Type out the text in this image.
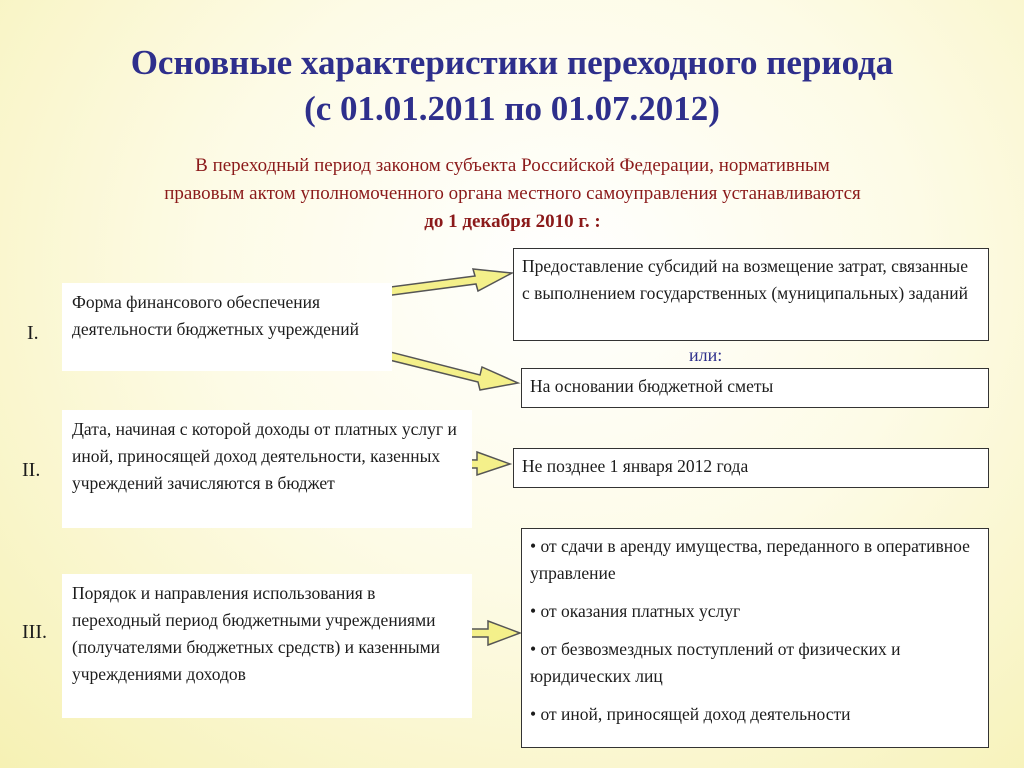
Основные характеристики переходного периода
(с 01.01.2011 по 01.07.2012)
В переходный период законом субъекта Российской Федерации, нормативным
правовым актом уполномоченного органа местного самоуправления устанавливаются
до 1 декабря 2010 г. :
I.
Форма финансового обеспечения деятельности бюджетных учреждений
Предоставление субсидий на возмещение затрат, связанные с выполнением государственных (муниципальных) заданий
или:
На основании бюджетной сметы
II.
Дата, начиная с которой доходы от платных услуг и иной, приносящей доход деятельности, казенных учреждений зачисляются в бюджет
Не позднее 1 января 2012 года
III.
Порядок и направления использования в переходный период бюджетными учреждениями (получателями бюджетных средств) и казенными учреждениями доходов
• от сдачи в аренду имущества, переданного в оперативное управление
• от оказания платных услуг
• от безвозмездных поступлений от физических и юридических лиц
• от иной, приносящей доход деятельности
